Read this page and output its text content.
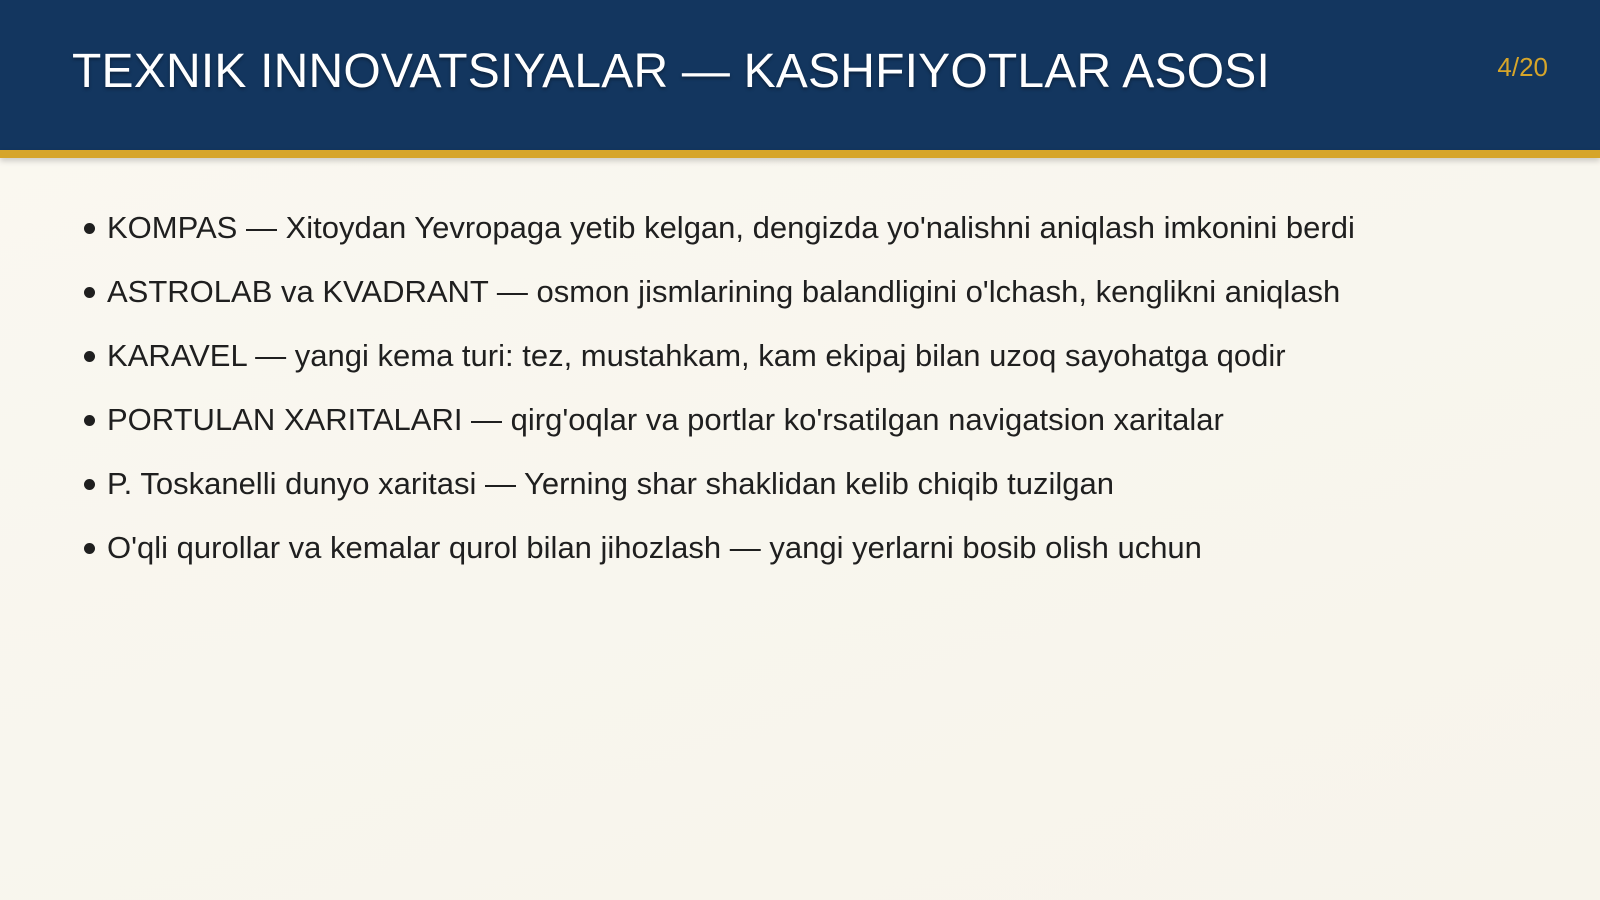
TEXNIK INNOVATSIYALAR — KASHFIYOTLAR ASOSI	4/20
KOMPAS — Xitoydan Yevropaga yetib kelgan, dengizda yo'nalishni aniqlash imkonini berdi
ASTROLAB va KVADRANT — osmon jismlarining balandligini o'lchash, kenglikni aniqlash
KARAVEL — yangi kema turi: tez, mustahkam, kam ekipaj bilan uzoq sayohatga qodir
PORTULAN XARITALARI — qirg'oqlar va portlar ko'rsatilgan navigatsion xaritalar
P. Toskanelli dunyo xaritasi — Yerning shar shaklidan kelib chiqib tuzilgan
O'qli qurollar va kemalar qurol bilan jihozlash — yangi yerlarni bosib olish uchun
